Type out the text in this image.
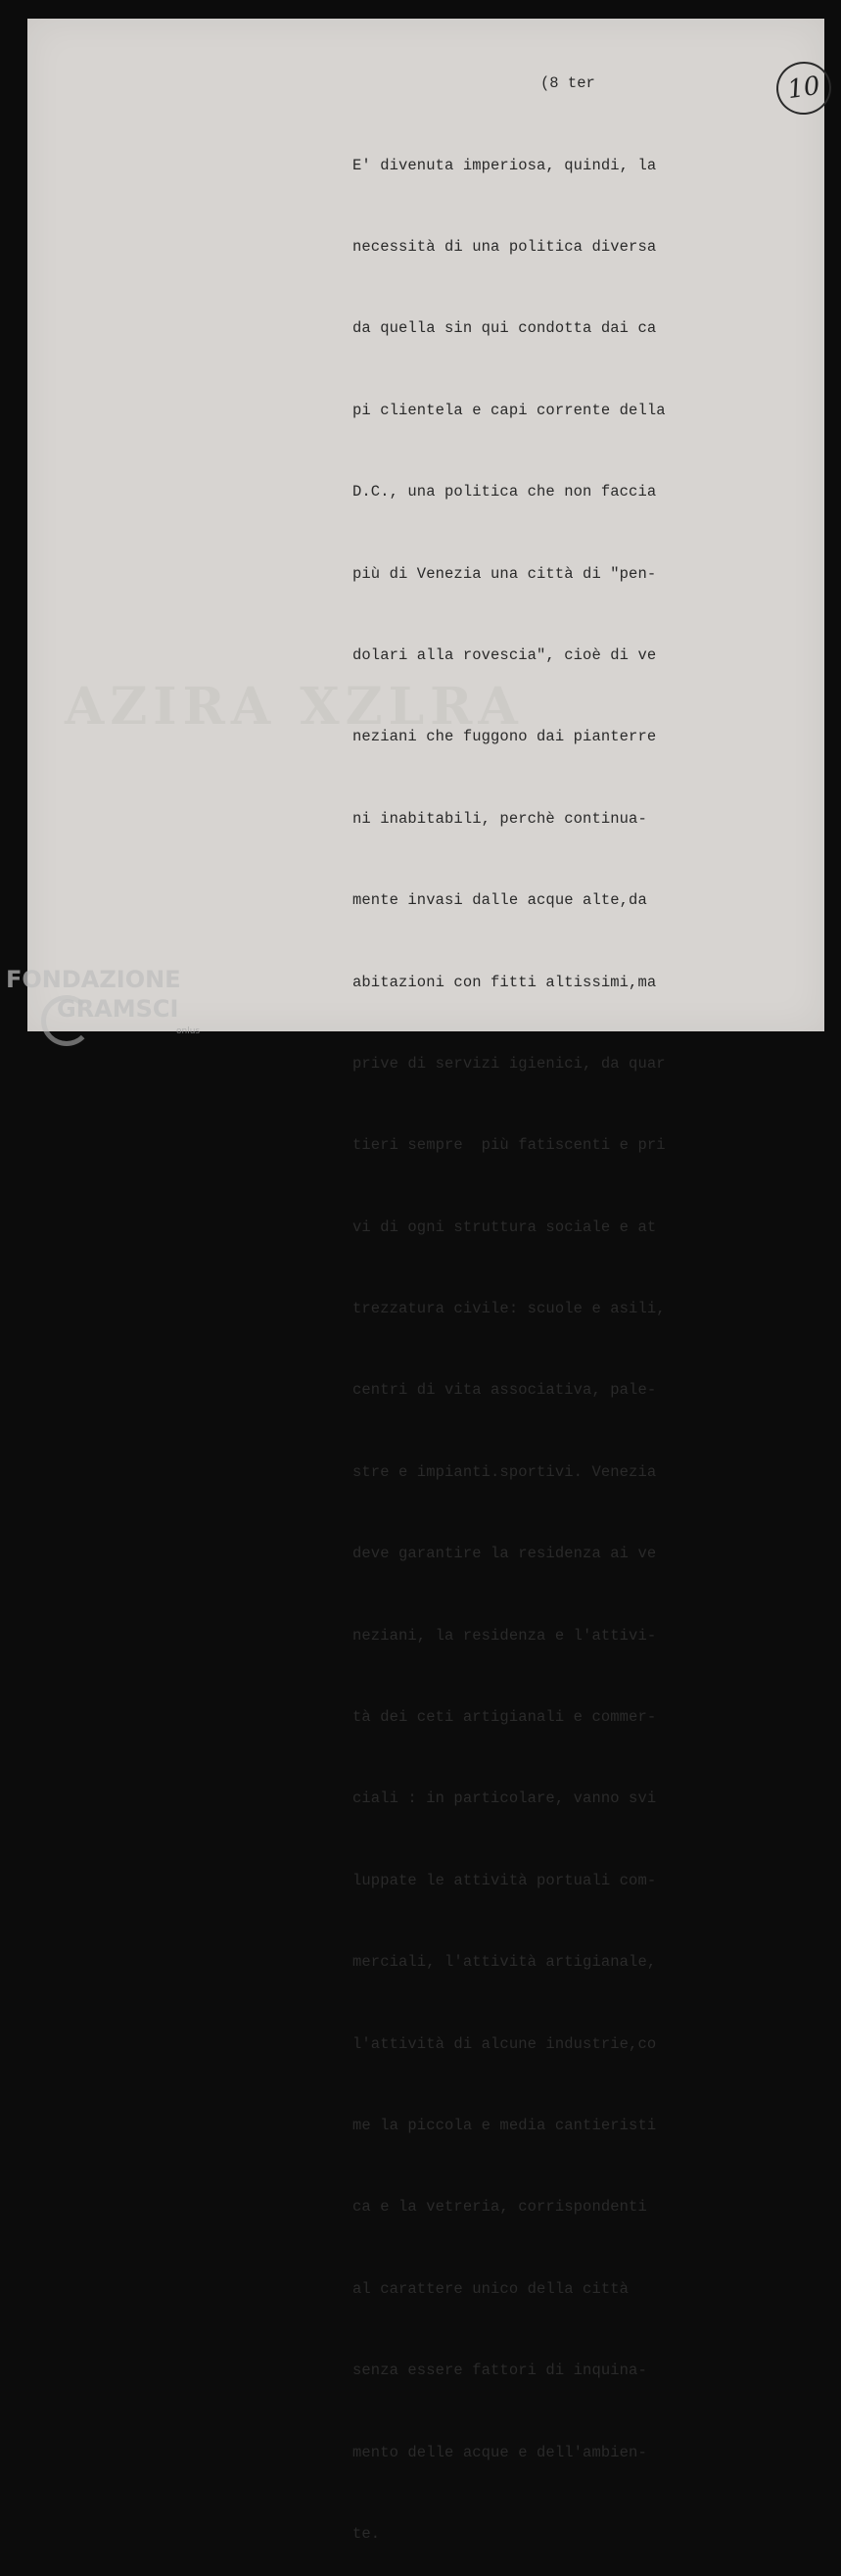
AZIRA XZLRA
10
(8 ter

E' divenuta imperiosa, quindi, la

necessità di una politica diversa

da quella sin qui condotta dai ca

pi clientela e capi corrente della

D.C., una politica che non faccia

più di Venezia una città di "pen-

dolari alla rovescia", cioè di ve

neziani che fuggono dai pianterre

ni inabitabili, perchè continua-

mente invasi dalle acque alte,da

abitazioni con fitti altissimi,ma

prive di servizi igienici, da quar

tieri sempre  più fatiscenti e pri

vi di ogni struttura sociale e at

trezzatura civile: scuole e asili,

centri di vita associativa, pale-

stre e impianti.sportivi. Venezia

deve garantire la residenza ai ve

neziani, la residenza e l'attivi-

tà dei ceti artigianali e commer-

ciali : in particolare, vanno svi

luppate le attività portuali com-

merciali, l'attività artigianale,

l'attività di alcune industrie,co

me la piccola e media cantieristi

ca e la vetreria, corrispondenti

al carattere unico della città

senza essere fattori di inquina-

mento delle acque e dell'ambien-

te.

FONDAZIONE
GRAMSCI
onlus
